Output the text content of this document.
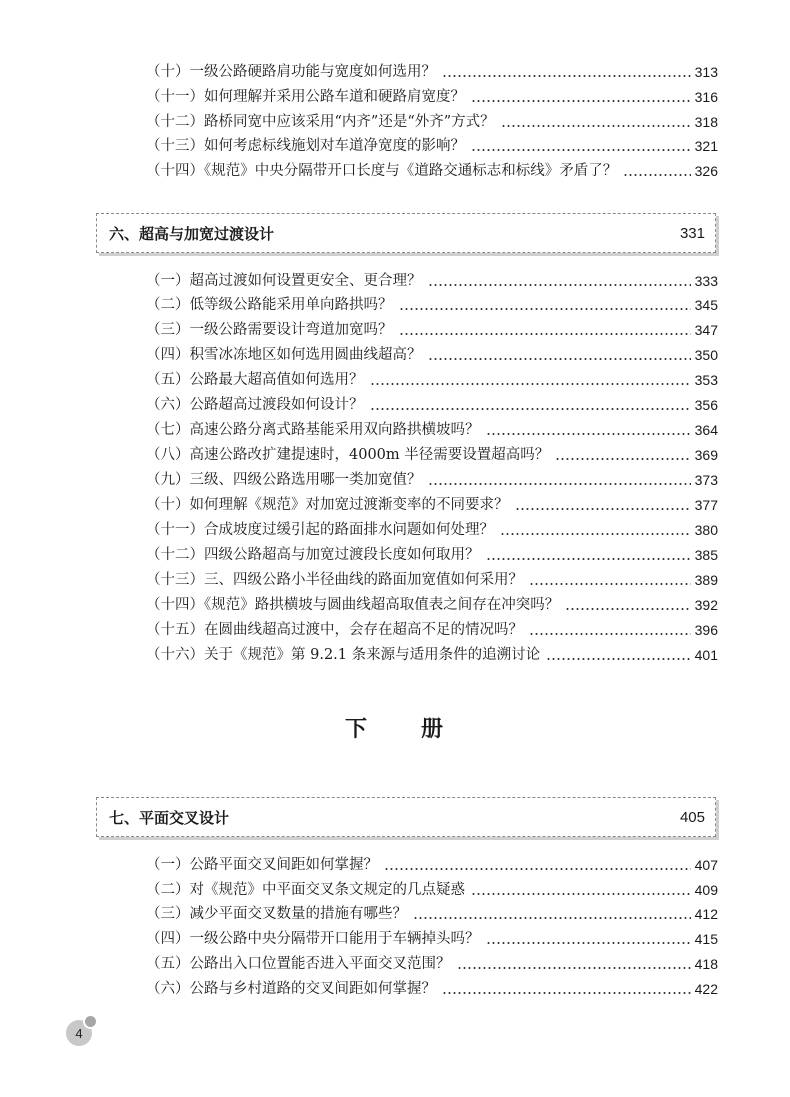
（十）一级公路硬路肩功能与宽度如何选用？	313
（十一）如何理解并采用公路车道和硬路肩宽度？	316
（十二）路桥同宽中应该采用“内齐”还是“外齐”方式？	318
（十三）如何考虑标线施划对车道净宽度的影响？	321
（十四）《规范》中央分隔带开口长度与《道路交通标志和标线》矛盾了？	326
六、超高与加宽过渡设计	331
（一）超高过渡如何设置更安全、更合理？	333
（二）低等级公路能采用单向路拱吗？	345
（三）一级公路需要设计弯道加宽吗？	347
（四）积雪冰冻地区如何选用圆曲线超高？	350
（五）公路最大超高值如何选用？	353
（六）公路超高过渡段如何设计？	356
（七）高速公路分离式路基能采用双向路拱横坡吗？	364
（八）高速公路改扩建提速时，4000m 半径需要设置超高吗？	369
（九）三级、四级公路选用哪一类加宽值？	373
（十）如何理解《规范》对加宽过渡渐变率的不同要求？	377
（十一）合成坡度过缓引起的路面排水问题如何处理？	380
（十二）四级公路超高与加宽过渡段长度如何取用？	385
（十三）三、四级公路小半径曲线的路面加宽值如何采用？	389
（十四）《规范》路拱横坡与圆曲线超高取值表之间存在冲突吗？	392
（十五）在圆曲线超高过渡中，会存在超高不足的情况吗？	396
（十六）关于《规范》第 9.2.1 条来源与适用条件的追溯讨论	401
下 册
七、平面交叉设计	405
（一）公路平面交叉间距如何掌握？	407
（二）对《规范》中平面交叉条文规定的几点疑惑	409
（三）减少平面交叉数量的措施有哪些？	412
（四）一级公路中央分隔带开口能用于车辆掉头吗？	415
（五）公路出入口位置能否进入平面交叉范围？	418
（六）公路与乡村道路的交叉间距如何掌握？	422
4
